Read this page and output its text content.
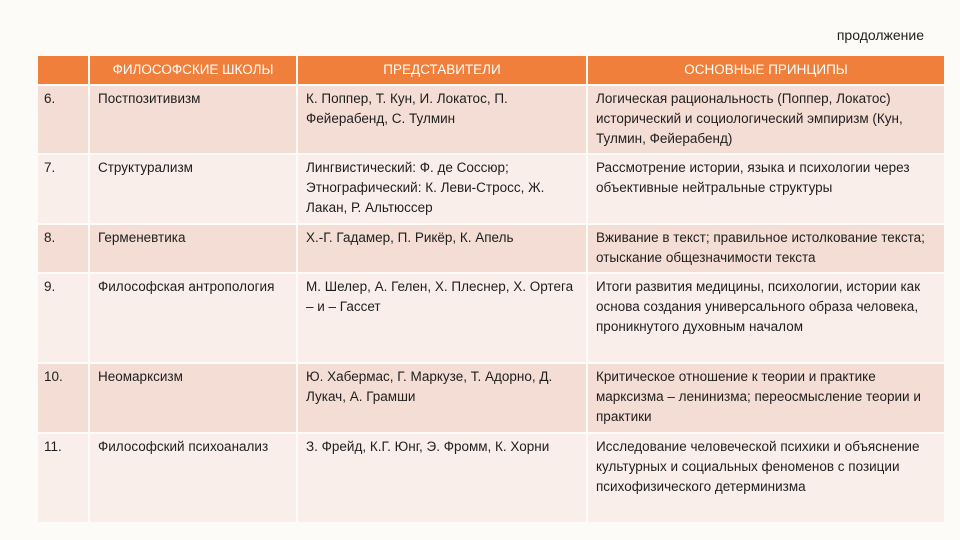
продолжение
	ФИЛОСОФСКИЕ ШКОЛЫ	ПРЕДСТАВИТЕЛИ	ОСНОВНЫЕ ПРИНЦИПЫ
6.	Постпозитивизм	К. Поппер, Т. Кун, И. Локатос, П. Фейерабенд, С. Тулмин	Логическая рациональность (Поппер, Локатос) исторический и социологический эмпиризм (Кун, Тулмин, Фейерабенд)
7.	Структурализм	Лингвистический: Ф. де Соссюр; Этнографический: К. Леви-Стросс, Ж. Лакан, Р. Альтюссер	Рассмотрение истории, языка и психологии через объективные нейтральные структуры
8.	Герменевтика	Х.-Г. Гадамер, П. Рикёр, К. Апель	Вживание в текст; правильное истолкование текста; отыскание общезначимости текста
9.	Философская антропология	М. Шелер, А. Гелен, Х. Плеснер, Х. Ортега – и – Гассет	Итоги развития медицины, психологии, истории как основа создания универсального образа человека, проникнутого духовным началом
10.	Неомарксизм	Ю. Хабермас, Г. Маркузе, Т. Адорно, Д. Лукач, А. Грамши	Критическое отношение к теории и практике марксизма – ленинизма; переосмысление теории и практики
11.	Философский психоанализ	З. Фрейд, К.Г. Юнг, Э. Фромм, К. Хорни	Исследование человеческой психики и объяснение культурных и социальных феноменов с позиции психофизического детерминизма
